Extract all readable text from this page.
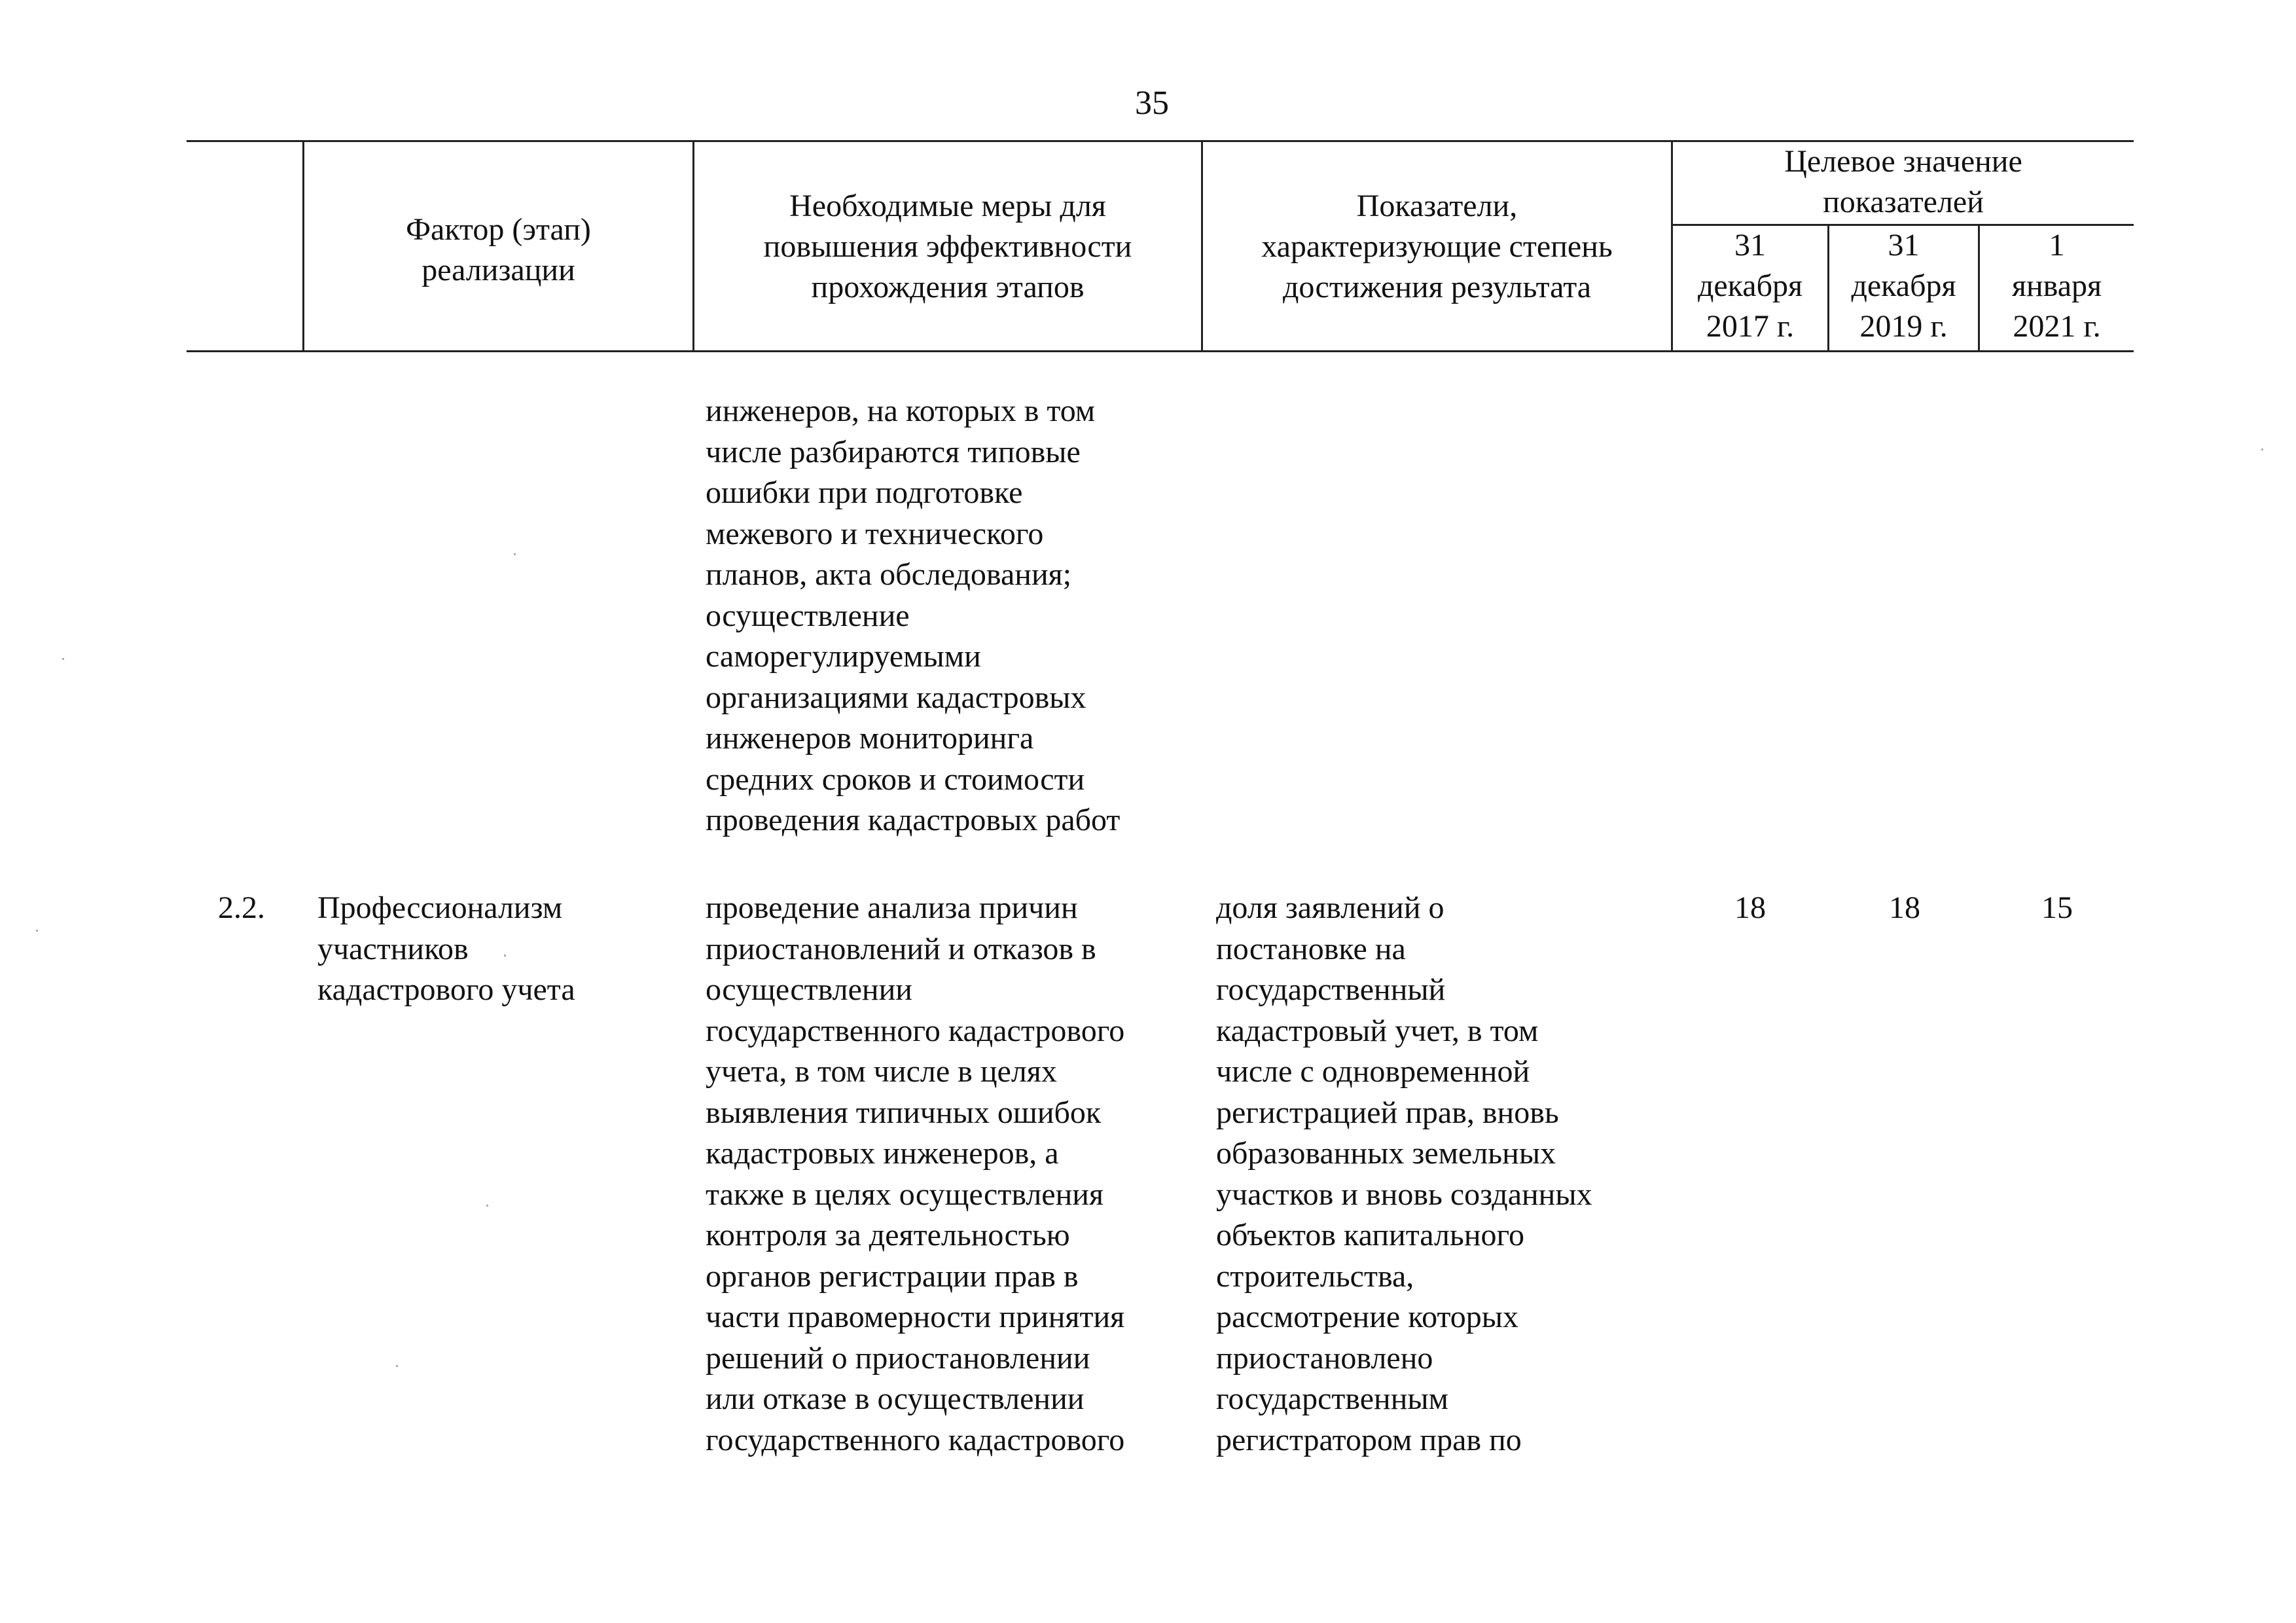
35
Фактор (этап)
реализации
Необходимые меры для
повышения эффективности
прохождения этапов
Показатели,
характеризующие степень
достижения результата
Целевое значение
показателей
31
декабря
2017 г.
31
декабря
2019 г.
1
января
2021 г.
инженеров, на которых в том
числе разбираются типовые
ошибки при подготовке
межевого и технического
планов, акта обследования;
осуществление
саморегулируемыми
организациями кадастровых
инженеров мониторинга
средних сроков и стоимости
проведения кадастровых работ
2.2. Профессионализм
участников
кадастрового учета
проведение анализа причин
приостановлений и отказов в
осуществлении
государственного кадастрового
учета, в том числе в целях
выявления типичных ошибок
кадастровых инженеров, а
также в целях осуществления
контроля за деятельностью
органов регистрации прав в
части правомерности принятия
решений о приостановлении
или отказе в осуществлении
государственного кадастрового
доля заявлений о
постановке на
государственный
кадастровый учет, в том
числе с одновременной
регистрацией прав, вновь
образованных земельных
участков и вновь созданных
объектов капитального
строительства,
рассмотрение которых
приостановлено
государственным
регистратором прав по
18	18	15
